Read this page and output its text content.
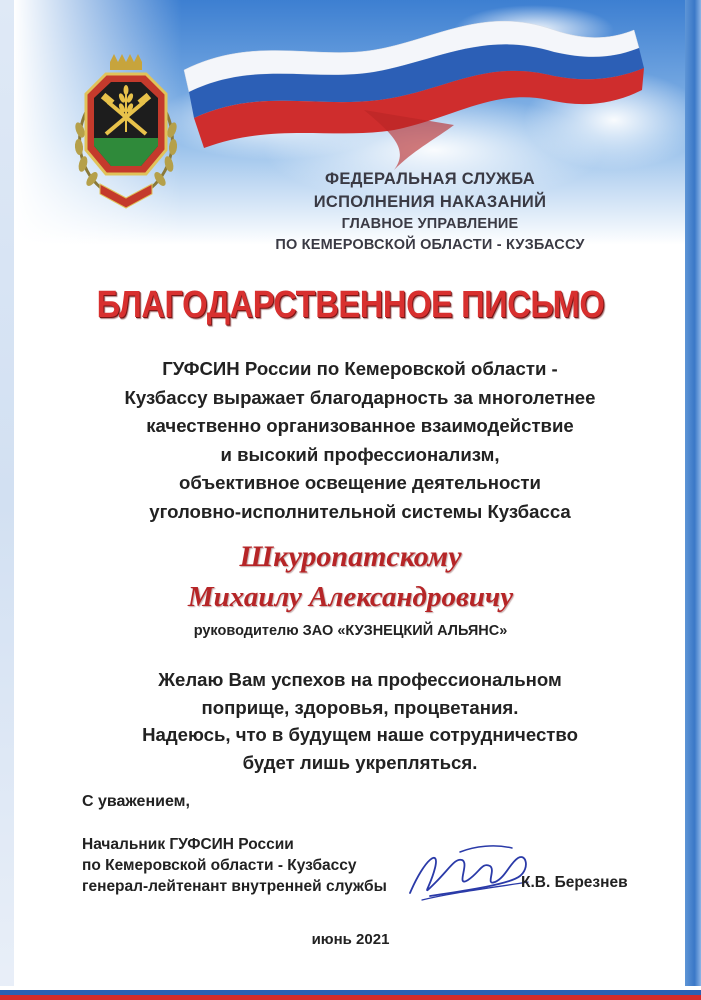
ФЕДЕРАЛЬНАЯ СЛУЖБА
ИСПОЛНЕНИЯ НАКАЗАНИЙ
ГЛАВНОЕ УПРАВЛЕНИЕ
ПО КЕМЕРОВСКОЙ ОБЛАСТИ - КУЗБАССУ
БЛАГОДАРСТВЕННОЕ ПИСЬМО
ГУФСИН России по Кемеровской области -
Кузбассу выражает благодарность за многолетнее
качественно организованное взаимодействие
и высокий профессионализм,
объективное освещение деятельности
уголовно-исполнительной системы Кузбасса
Шкуропатскому
Михаилу Александровичу
руководителю ЗАО «КУЗНЕЦКИЙ АЛЬЯНС»
Желаю Вам успехов на профессиональном
поприще, здоровья, процветания.
Надеюсь, что в будущем наше сотрудничество
будет лишь укрепляться.
С уважением,
Начальник ГУФСИН России
по Кемеровской области - Кузбассу
генерал-лейтенант внутренней службы	К.В. Березнев
июнь 2021
